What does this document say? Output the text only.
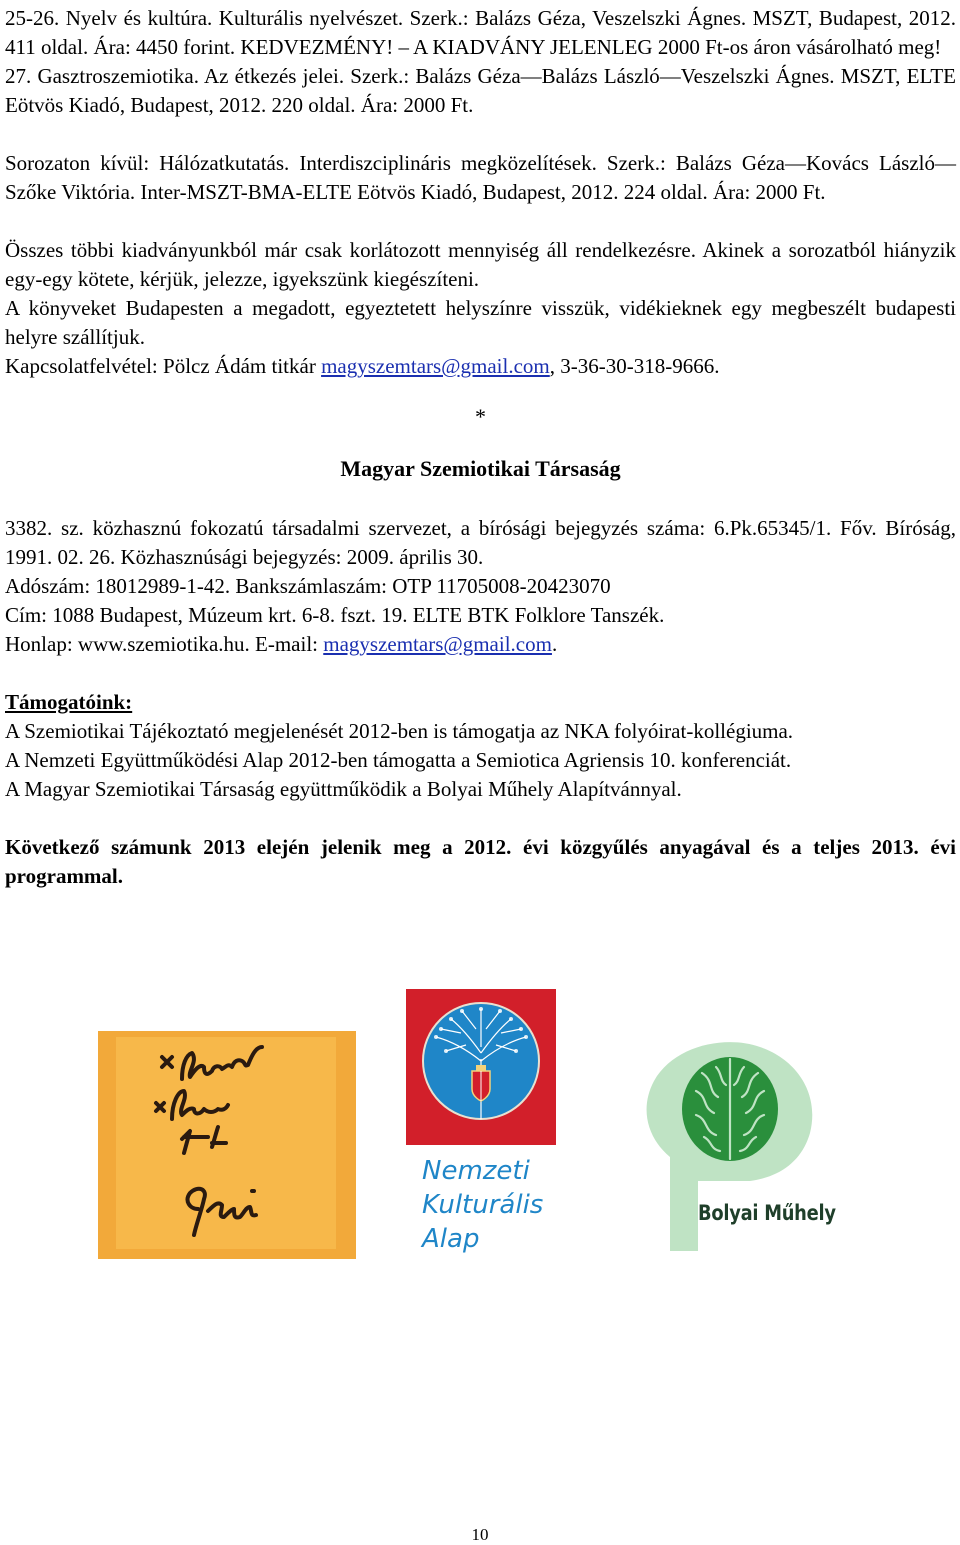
25-26. Nyelv és kultúra. Kulturális nyelvészet. Szerk.: Balázs Géza, Veszelszki Ágnes. MSZT, Budapest, 2012. 411 oldal. Ára: 4450 forint. KEDVEZMÉNY! – A KIADVÁNY JELENLEG 2000 Ft-os áron vásárolható meg!

27. Gasztroszemiotika. Az étkezés jelei. Szerk.: Balázs Géza—Balázs László—Veszelszki Ágnes. MSZT, ELTE Eötvös Kiadó, Budapest, 2012. 220 oldal. Ára: 2000 Ft.

Sorozaton kívül: Hálózatkutatás. Interdiszciplináris megközelítések. Szerk.: Balázs Géza—Kovács László—Szőke Viktória. Inter-MSZT-BMA-ELTE Eötvös Kiadó, Budapest, 2012. 224 oldal. Ára: 2000 Ft.

Összes többi kiadványunkból már csak korlátozott mennyiség áll rendelkezésre. Akinek a sorozatból hiányzik egy-egy kötete, kérjük, jelezze, igyekszünk kiegészíteni.

A könyveket Budapesten a megadott, egyeztetett helyszínre visszük, vidékieknek egy megbeszélt budapesti helyre szállítjuk.

Kapcsolatfelvétel: Pölcz Ádám titkár magyszemtars@gmail.com, 3-36-30-318-9666.

*

Magyar Szemiotikai Társaság

3382. sz. közhasznú fokozatú társadalmi szervezet, a bírósági bejegyzés száma: 6.Pk.65345/1. Főv. Bíróság, 1991. 02. 26. Közhasznúsági bejegyzés: 2009. április 30.

Adószám: 18012989-1-42. Bankszámlaszám: OTP 11705008-20423070

Cím: 1088 Budapest, Múzeum krt. 6-8. fszt. 19. ELTE BTK Folklore Tanszék.

Honlap: www.szemiotika.hu. E-mail: magyszemtars@gmail.com.

Támogatóink:

A Szemiotikai Tájékoztató megjelenését 2012-ben is támogatja az NKA folyóirat-kollégiuma.

A Nemzeti Együttműködési Alap 2012-ben támogatta a Semiotica Agriensis 10. konferenciát.

A Magyar Szemiotikai Társaság együttműködik a Bolyai Műhely Alapítvánnyal.

Következő számunk 2013 elején jelenik meg a 2012. évi közgyűlés anyagával és a teljes 2013. évi programmal.

Nemzeti
Kulturális
Alap
Bolyai Műhely
10
